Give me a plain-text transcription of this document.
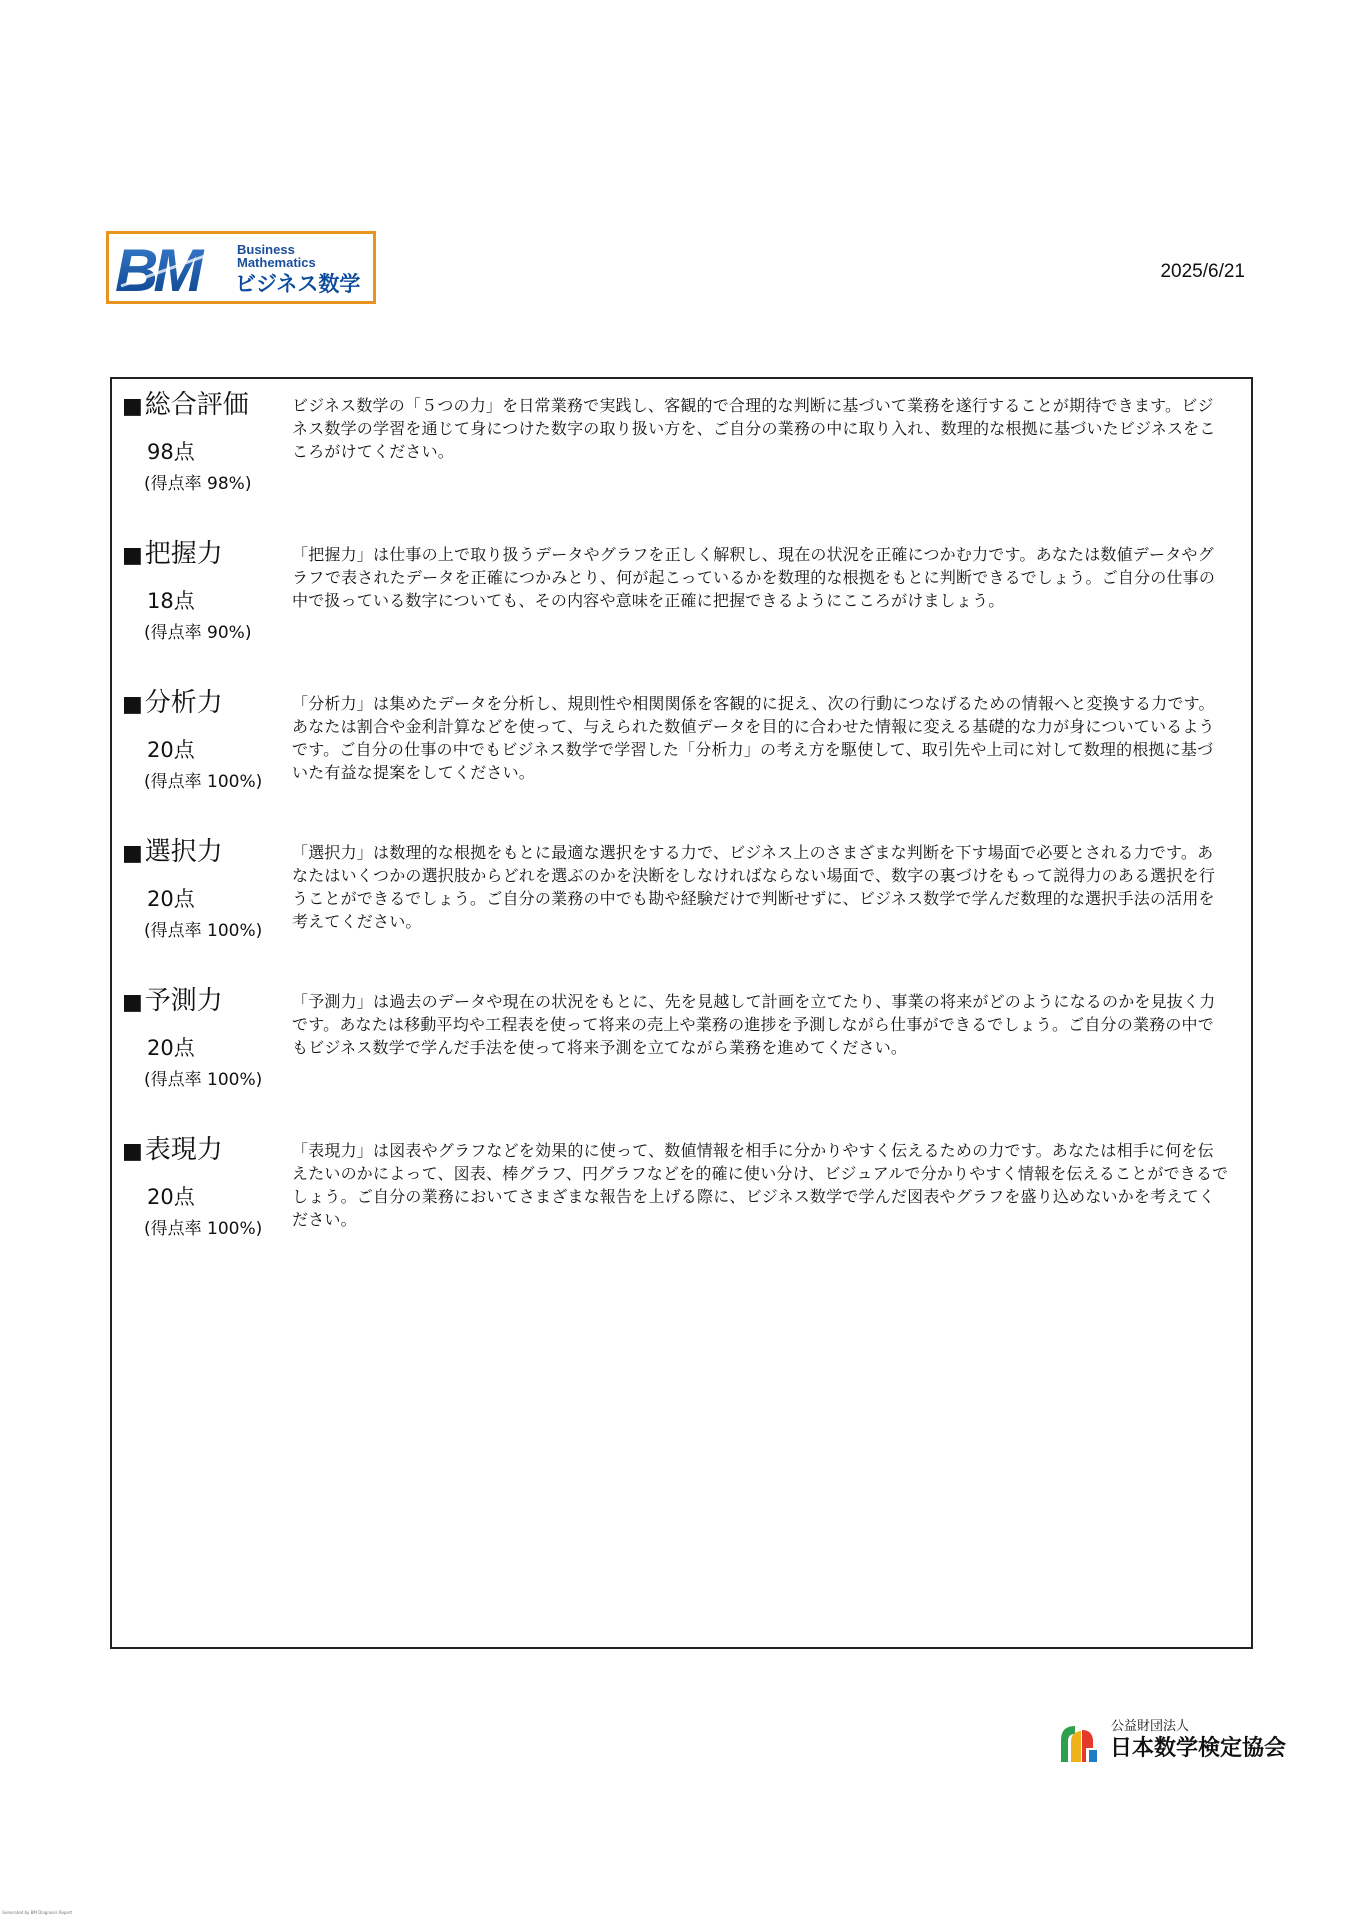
BM	Business
Mathematics
ビジネス数学
2025/6/21
■総合評価
98点
(得点率 98%)
ビジネス数学の「５つの力」を日常業務で実践し、客観的で合理的な判断に基づいて業務を遂行することが期待できます。ビジネス数学の学習を通じて身につけた数字の取り扱い方を、ご自分の業務の中に取り入れ、数理的な根拠に基づいたビジネスをこころがけてください。
■把握力
18点
(得点率 90%)
「把握力」は仕事の上で取り扱うデータやグラフを正しく解釈し、現在の状況を正確につかむ力です。あなたは数値データやグラフで表されたデータを正確につかみとり、何が起こっているかを数理的な根拠をもとに判断できるでしょう。ご自分の仕事の中で扱っている数字についても、その内容や意味を正確に把握できるようにこころがけましょう。
■分析力
20点
(得点率 100%)
「分析力」は集めたデータを分析し、規則性や相関関係を客観的に捉え、次の行動につなげるための情報へと変換する力です。あなたは割合や金利計算などを使って、与えられた数値データを目的に合わせた情報に変える基礎的な力が身についているようです。ご自分の仕事の中でもビジネス数学で学習した「分析力」の考え方を駆使して、取引先や上司に対して数理的根拠に基づいた有益な提案をしてください。
■選択力
20点
(得点率 100%)
「選択力」は数理的な根拠をもとに最適な選択をする力で、ビジネス上のさまざまな判断を下す場面で必要とされる力です。あなたはいくつかの選択肢からどれを選ぶのかを決断をしなければならない場面で、数字の裏づけをもって説得力のある選択を行うことができるでしょう。ご自分の業務の中でも勘や経験だけで判断せずに、ビジネス数学で学んだ数理的な選択手法の活用を考えてください。
■予測力
20点
(得点率 100%)
「予測力」は過去のデータや現在の状況をもとに、先を見越して計画を立てたり、事業の将来がどのようになるのかを見抜く力です。あなたは移動平均や工程表を使って将来の売上や業務の進捗を予測しながら仕事ができるでしょう。ご自分の業務の中でもビジネス数学で学んだ手法を使って将来予測を立てながら業務を進めてください。
■表現力
20点
(得点率 100%)
「表現力」は図表やグラフなどを効果的に使って、数値情報を相手に分かりやすく伝えるための力です。あなたは相手に何を伝えたいのかによって、図表、棒グラフ、円グラフなどを的確に使い分け、ビジュアルで分かりやすく情報を伝えることができるでしょう。ご自分の業務においてさまざまな報告を上げる際に、ビジネス数学で学んだ図表やグラフを盛り込めないかを考えてください。
公益財団法人
日本数学検定協会
Generated by BM Diagnosis Report
